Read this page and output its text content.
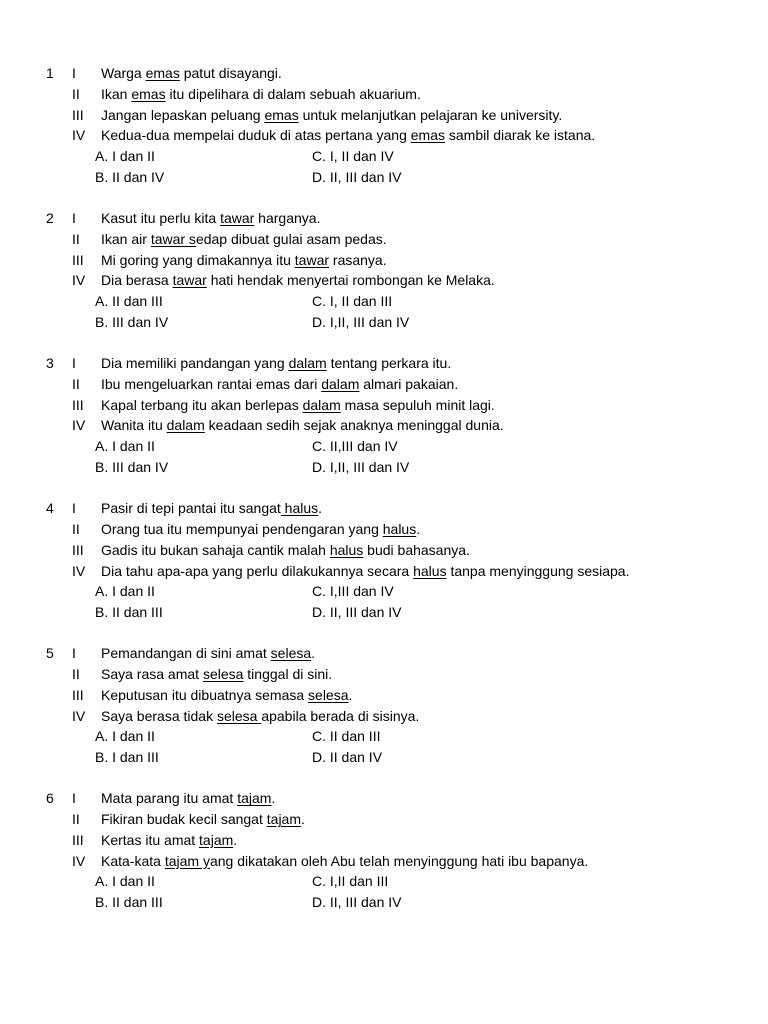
1 I Warga emas patut disayangi.
II Ikan emas itu dipelihara di dalam sebuah akuarium.
III Jangan lepaskan peluang emas untuk melanjutkan pelajaran ke university.
IV Kedua-dua mempelai duduk di atas pertana yang emas sambil diarak ke istana.
A. I dan II	C. I, II dan IV
B. II dan IV	D. II, III dan IV
2 I Kasut itu perlu kita tawar harganya.
II Ikan air tawar sedap dibuat gulai asam pedas.
III Mi goring yang dimakannya itu tawar rasanya.
IV Dia berasa tawar hati hendak menyertai rombongan ke Melaka.
A. II dan III	C. I, II dan III
B. III dan IV	D. I,II, III dan IV
3 I Dia memiliki pandangan yang dalam tentang perkara itu.
II Ibu mengeluarkan rantai emas dari dalam almari pakaian.
III Kapal terbang itu akan berlepas dalam masa sepuluh minit lagi.
IV Wanita itu dalam keadaan sedih sejak anaknya meninggal dunia.
A. I dan II	C. II,III dan IV
B. III dan IV	D. I,II, III dan IV
4 I Pasir di tepi pantai itu sangat halus.
II Orang tua itu mempunyai pendengaran yang halus.
III Gadis itu bukan sahaja cantik malah halus budi bahasanya.
IV Dia tahu apa-apa yang perlu dilakukannya secara halus tanpa menyinggung sesiapa.
A. I dan II	C. I,III dan IV
B. II dan III	D. II, III dan IV
5 I Pemandangan di sini amat selesa.
II Saya rasa amat selesa tinggal di sini.
III Keputusan itu dibuatnya semasa selesa.
IV Saya berasa tidak selesa apabila berada di sisinya.
A. I dan II	C. II dan III
B. I dan III	D. II dan IV
6 I Mata parang itu amat tajam.
II Fikiran budak kecil sangat tajam.
III Kertas itu amat tajam.
IV Kata-kata tajam yang dikatakan oleh Abu telah menyinggung hati ibu bapanya.
A. I dan II	C. I,II dan III
B. II dan III	D. II, III dan IV
